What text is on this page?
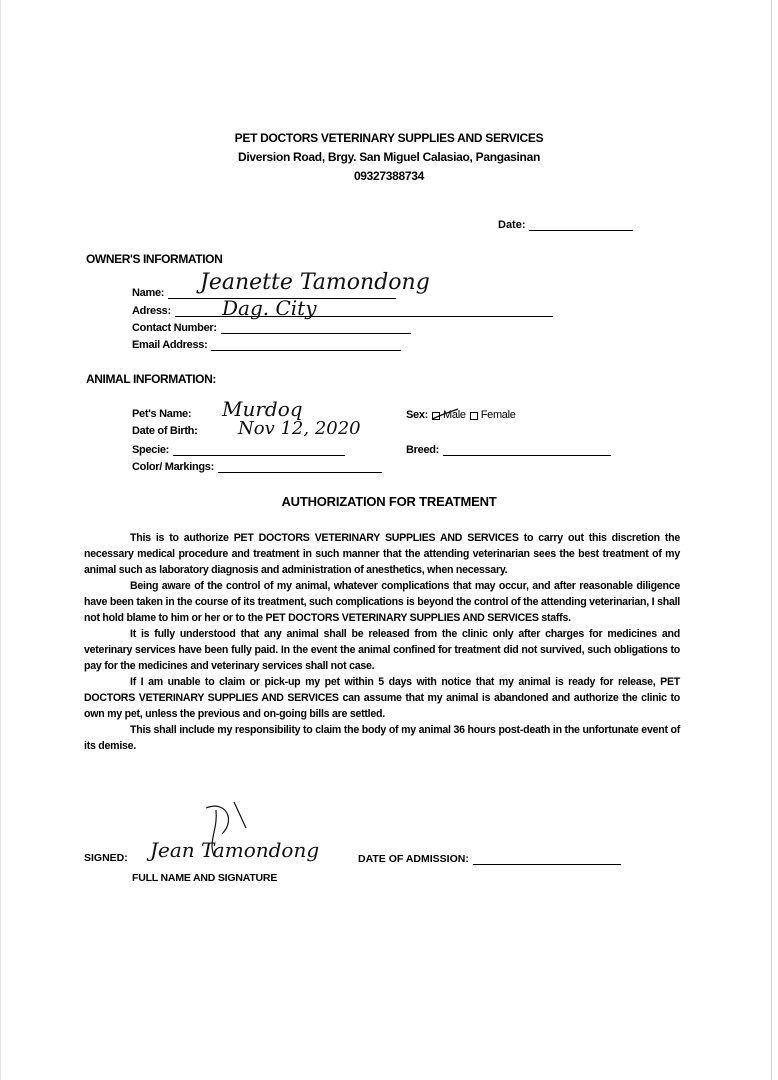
PET DOCTORS VETERINARY SUPPLIES AND SERVICES
Diversion Road, Brgy. San Miguel Calasiao, Pangasinan
09327388734
Date:
OWNER'S INFORMATION
Name: Jeanette Tamondong
Adress:	Dag. City
Contact Number:
Email Address:
ANIMAL INFORMATION:
Pet's Name: Murdoq
Date of Birth: Nov 12, 2020
Specie:
Color/ Markings:
Sex: Male Female
Breed:
AUTHORIZATION FOR TREATMENT

This is to authorize PET DOCTORS VETERINARY SUPPLIES AND SERVICES to carry out this discretion the necessary medical procedure and treatment in such manner that the attending veterinarian sees the best treatment of my animal such as laboratory diagnosis and administration of anesthetics, when necessary.

Being aware of the control of my animal, whatever complications that may occur, and after reasonable diligence have been taken in the course of its treatment, such complications is beyond the control of the attending veterinarian, I shall not hold blame to him or her or to the PET DOCTORS VETERINARY SUPPLIES AND SERVICES staffs.

It is fully understood that any animal shall be released from the clinic only after charges for medicines and veterinary services have been fully paid. In the event the animal confined for treatment did not survived, such obligations to pay for the medicines and veterinary services shall not case.

If I am unable to claim or pick-up my pet within 5 days with notice that my animal is ready for release, PET DOCTORS VETERINARY SUPPLIES AND SERVICES can assume that my animal is abandoned and authorize the clinic to own my pet, unless the previous and on-going bills are settled.

This shall include my responsibility to claim the body of my animal 36 hours post-death in the unfortunate event of its demise.

SIGNED: Jean Tamondong
FULL NAME AND SIGNATURE
DATE OF ADMISSION:
